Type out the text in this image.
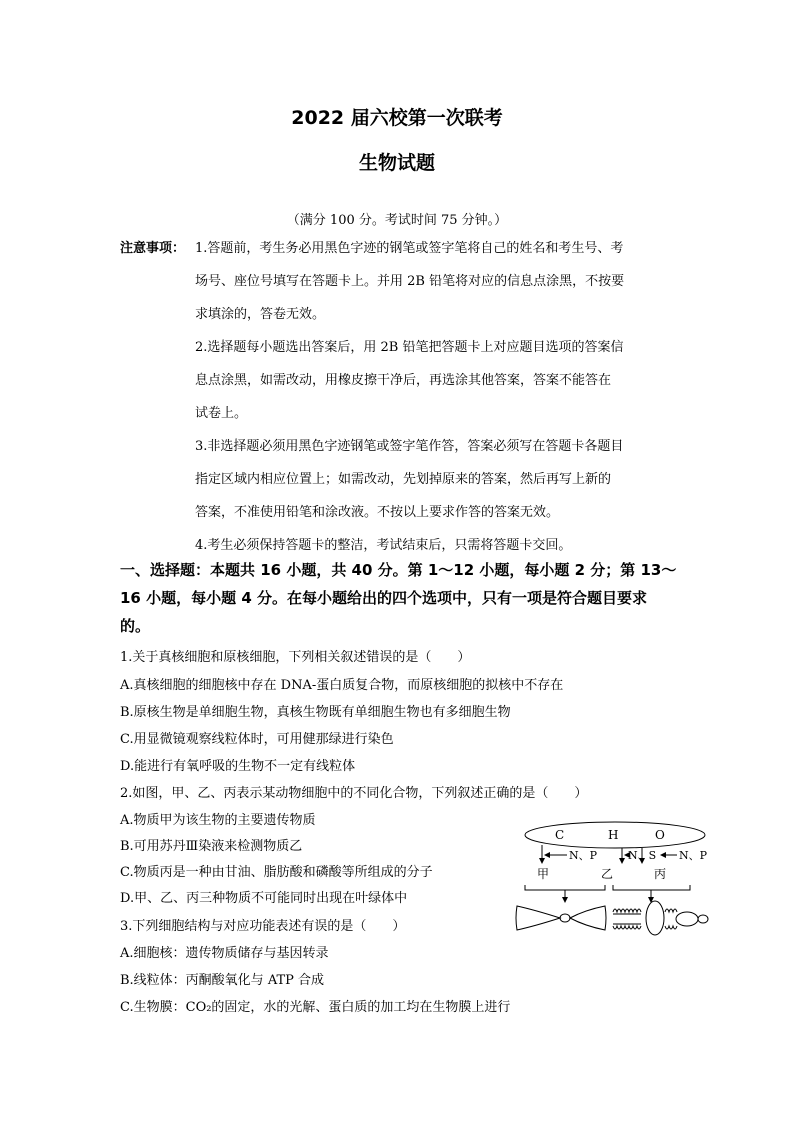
2022 届六校第一次联考
生物试题
（满分 100 分。考试时间 75 分钟。）
注意事项： 1.答题前，考生务必用黑色字迹的钢笔或签字笔将自己的姓名和考生号、考
场号、座位号填写在答题卡上。并用 2B 铅笔将对应的信息点涂黑，不按要
求填涂的，答卷无效。
2.选择题每小题选出答案后，用 2B 铅笔把答题卡上对应题目选项的答案信
息点涂黑，如需改动，用橡皮擦干净后，再选涂其他答案，答案不能答在
试卷上。
3.非选择题必须用黑色字迹钢笔或签字笔作答，答案必须写在答题卡各题目
指定区域内相应位置上；如需改动，先划掉原来的答案，然后再写上新的
答案，不准使用铅笔和涂改液。不按以上要求作答的答案无效。
4.考生必须保持答题卡的整洁，考试结束后，只需将答题卡交回。
一、选择题：本题共 16 小题，共 40 分。第 1～12 小题，每小题 2 分；第 13～
16 小题，每小题 4 分。在每小题给出的四个选项中，只有一项是符合题目要求
的。
1.关于真核细胞和原核细胞，下列相关叙述错误的是（　　）
A.真核细胞的细胞核中存在 DNA-蛋白质复合物，而原核细胞的拟核中不存在
B.原核生物是单细胞生物，真核生物既有单细胞生物也有多细胞生物
C.用显微镜观察线粒体时，可用健那绿进行染色
D.能进行有氧呼吸的生物不一定有线粒体
2.如图，甲、乙、丙表示某动物细胞中的不同化合物，下列叙述正确的是（　　）
A.物质甲为该生物的主要遗传物质
B.可用苏丹Ⅲ染液来检测物质乙
C.物质丙是一种由甘油、脂肪酸和磷酸等所组成的分子
D.甲、乙、丙三种物质不可能同时出现在叶绿体中
3.下列细胞结构与对应功能表述有误的是（　　）
A.细胞核：遗传物质储存与基因转录
B.线粒体：丙酮酸氧化与 ATP 合成
C.生物膜：CO₂的固定，水的光解、蛋白质的加工均在生物膜上进行
C	H	O
N、P	N、S N、P
甲	乙	丙
